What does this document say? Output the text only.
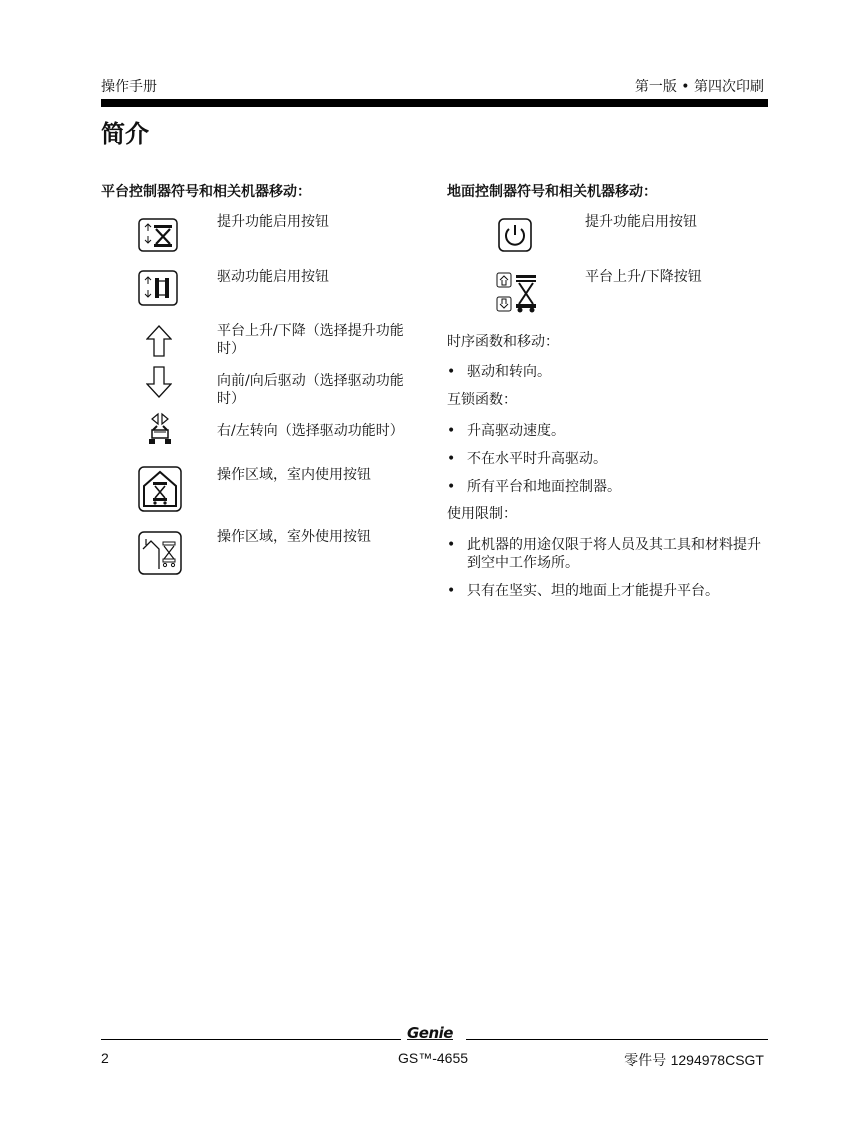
操作手册	第一版 • 第四次印刷
简介
平台控制器符号和相关机器移动：
提升功能启用按钮
驱动功能启用按钮
平台上升/下降（选择提升功能时）
向前/向后驱动（选择驱动功能时）
右/左转向（选择驱动功能时）
操作区域，室内使用按钮
操作区域，室外使用按钮
地面控制器符号和相关机器移动：
提升功能启用按钮
平台上升/下降按钮
时序函数和移动：
• 驱动和转向。
互锁函数：
• 升高驱动速度。
• 不在水平时升高驱动。
• 所有平台和地面控制器。
使用限制：
• 此机器的用途仅限于将人员及其工具和材料提升到空中工作场所。
• 只有在坚实、坦的地面上才能提升平台。
Genie
2	GS™-4655	零件号 1294978CSGT
